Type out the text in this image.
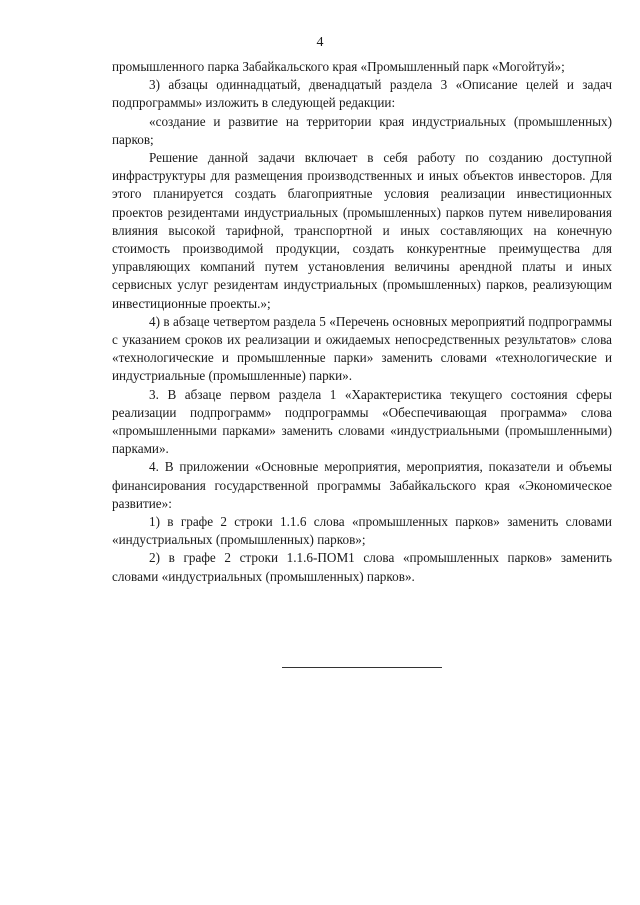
4

промышленного парка Забайкальского края «Промышленный парк «Могойтуй»;

3) абзацы одиннадцатый, двенадцатый раздела 3 «Описание целей и задач подпрограммы» изложить в следующей редакции:

«создание и развитие на территории края индустриальных (промышленных) парков;

Решение данной задачи включает в себя работу по созданию доступной инфраструктуры для размещения производственных и иных объектов инвесторов. Для этого планируется создать благоприятные условия реализации инвестиционных проектов резидентами индустриальных (промышленных) парков путем нивелирования влияния высокой тарифной, транспортной и иных составляющих на конечную стоимость производимой продукции, создать конкурентные преимущества для управляющих компаний путем установления величины арендной платы и иных сервисных услуг резидентам индустриальных (промышленных) парков, реализующим инвестиционные проекты.»;

4) в абзаце четвертом раздела 5 «Перечень основных мероприятий подпрограммы с указанием сроков их реализации и ожидаемых непосредственных результатов» слова «технологические и промышленные парки» заменить словами «технологические и индустриальные (промышленные) парки».

3. В абзаце первом раздела 1 «Характеристика текущего состояния сферы реализации подпрограмм» подпрограммы «Обеспечивающая программа» слова «промышленными парками» заменить словами «индустриальными (промышленными) парками».

4. В приложении «Основные мероприятия, мероприятия, показатели и объемы финансирования государственной программы Забайкальского края «Экономическое развитие»:

1) в графе 2 строки 1.1.6 слова «промышленных парков» заменить словами «индустриальных (промышленных) парков»;

2) в графе 2 строки 1.1.6-ПОМ1 слова «промышленных парков» заменить словами «индустриальных (промышленных) парков».
